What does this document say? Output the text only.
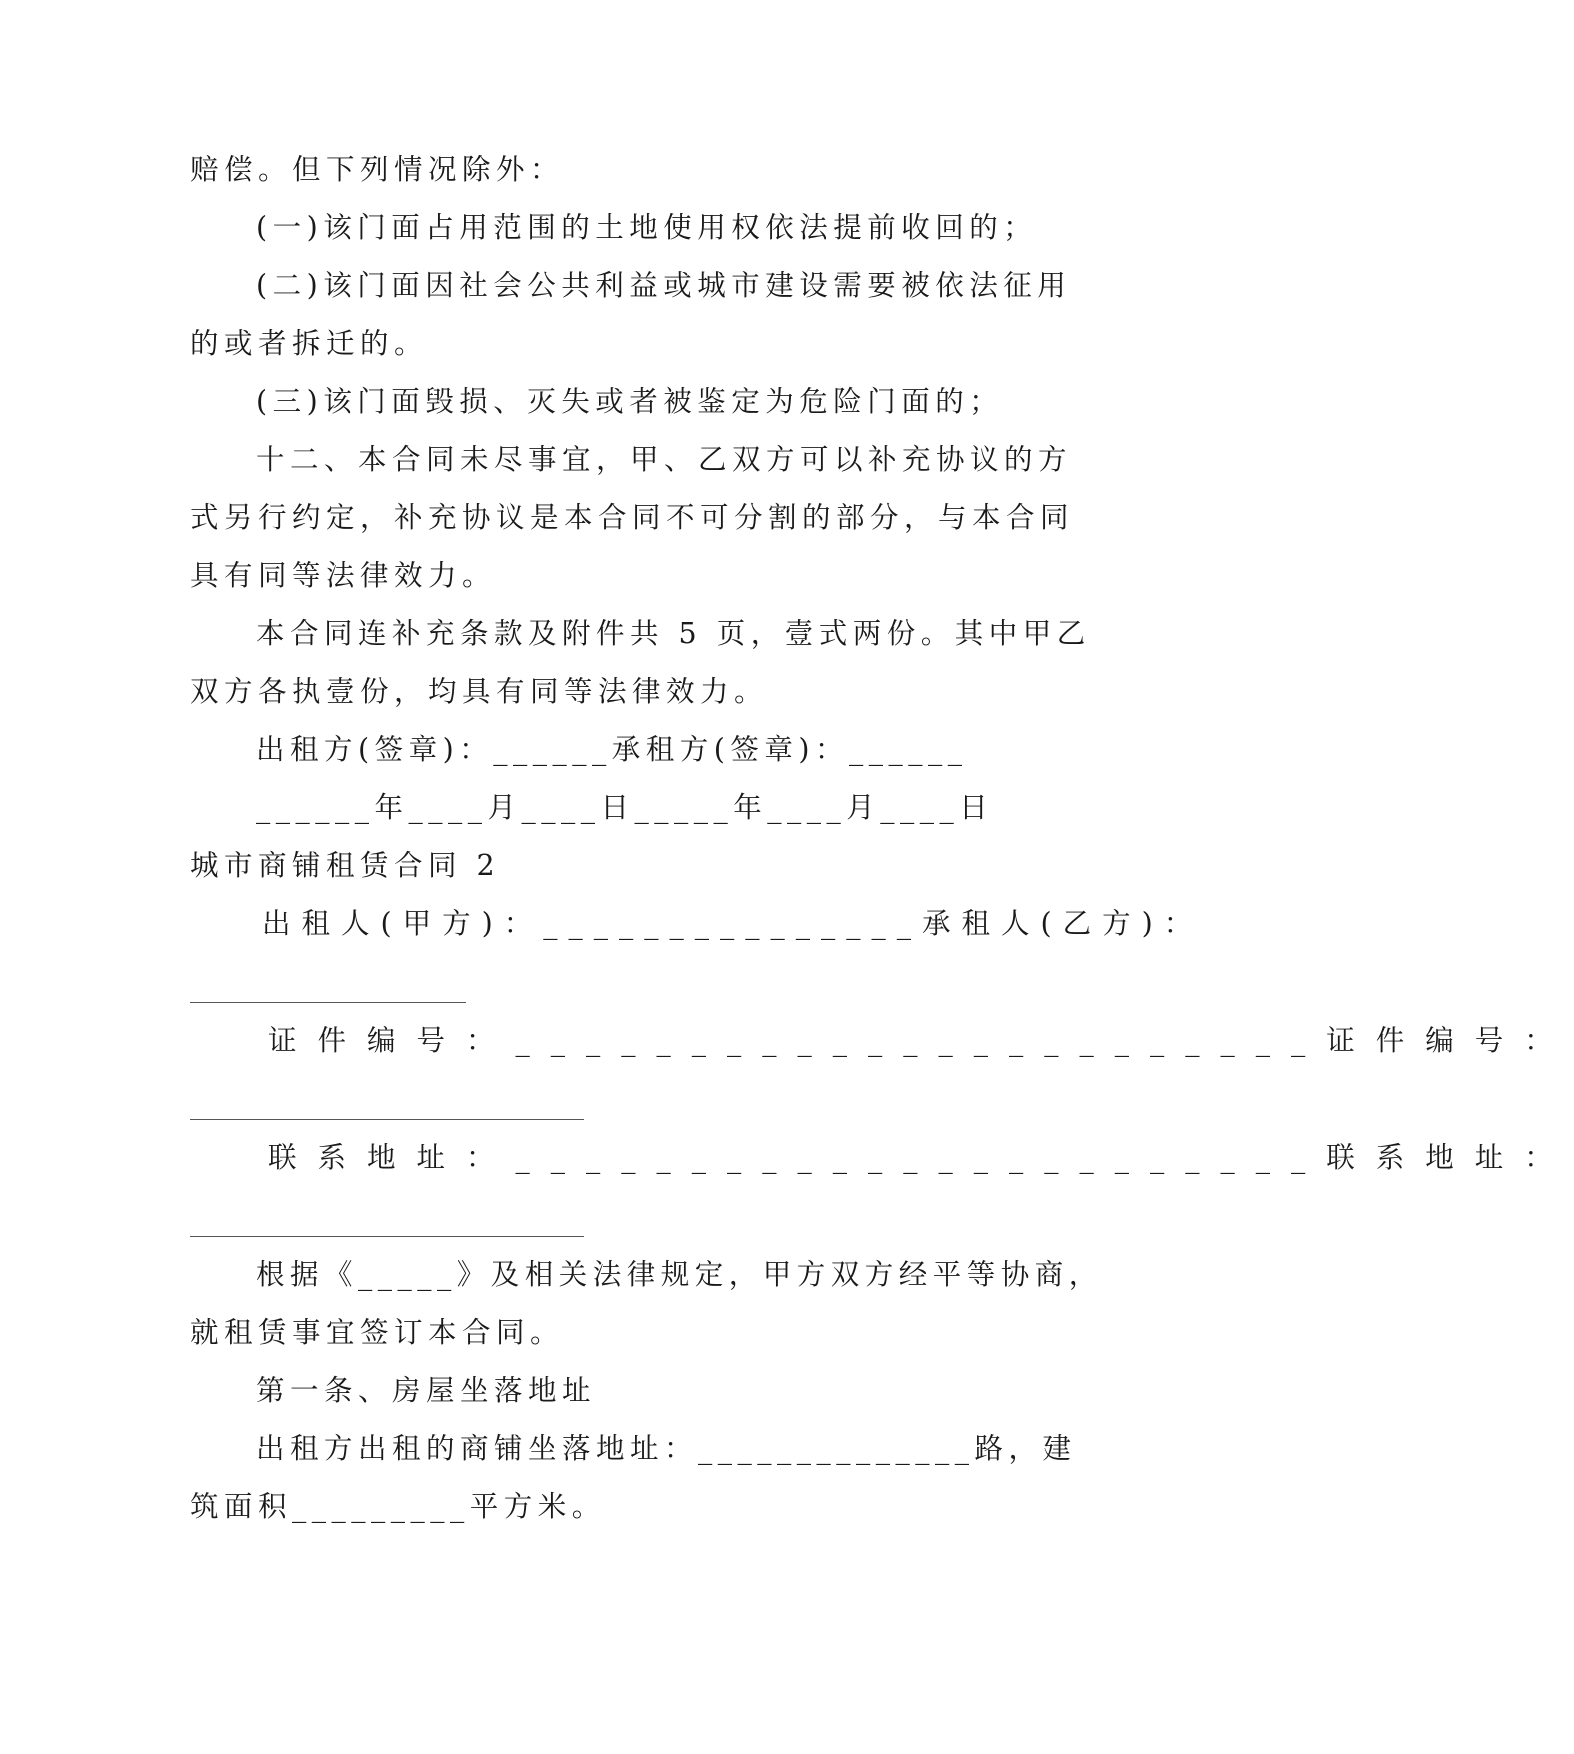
赔偿。但下列情况除外：
(一)该门面占用范围的土地使用权依法提前收回的；
(二)该门面因社会公共利益或城市建设需要被依法征用
的或者拆迁的。
(三)该门面毁损、灭失或者被鉴定为危险门面的；
十二、本合同未尽事宜，甲、乙双方可以补充协议的方
式另行约定，补充协议是本合同不可分割的部分，与本合同
具有同等法律效力。
本合同连补充条款及附件共 5 页，壹式两份。其中甲乙
双方各执壹份，均具有同等法律效力。
出租方(签章)：______承租方(签章)：______
______年____月____日_____年____月____日
城市商铺租赁合同 2
出租人(甲方)：_______________承租人(乙方)：
证件编号：_______________________证件编号：
联系地址：_______________________联系地址：
根据《_____》及相关法律规定，甲方双方经平等协商，
就租赁事宜签订本合同。
第一条、房屋坐落地址
出租方出租的商铺坐落地址：______________路，建
筑面积_________平方米。
